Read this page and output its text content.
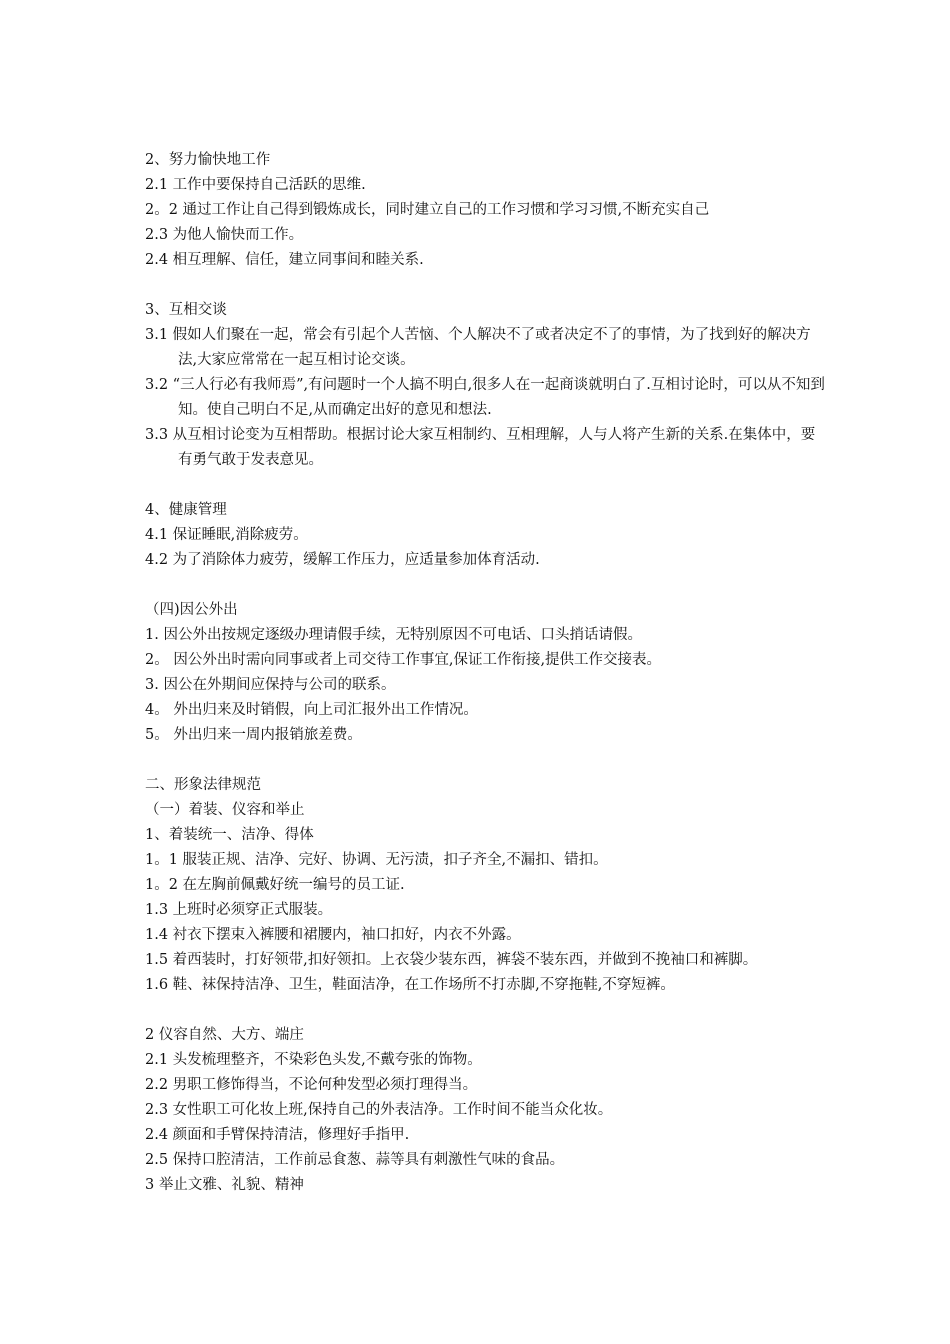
2、努力愉快地工作
2.1 工作中要保持自己活跃的思维.
2。2 通过工作让自己得到锻炼成长，同时建立自己的工作习惯和学习习惯,不断充实自己
2.3 为他人愉快而工作。
2.4 相互理解、信任，建立同事间和睦关系.
3、互相交谈
3.1 假如人们聚在一起，常会有引起个人苦恼、个人解决不了或者决定不了的事情，为了找到好的解决方法,大家应常常在一起互相讨论交谈。
3.2 “三人行必有我师焉”,有问题时一个人搞不明白,很多人在一起商谈就明白了.互相讨论时，可以从不知到知。使自己明白不足,从而确定出好的意见和想法.
3.3 从互相讨论变为互相帮助。根据讨论大家互相制约、互相理解，人与人将产生新的关系.在集体中，要有勇气敢于发表意见。
4、健康管理
4.1 保证睡眠,消除疲劳。
4.2 为了消除体力疲劳，缓解工作压力，应适量参加体育活动.
（四)因公外出
1. 因公外出按规定逐级办理请假手续，无特别原因不可电话、口头捎话请假。
2。 因公外出时需向同事或者上司交待工作事宜,保证工作衔接,提供工作交接表。
3. 因公在外期间应保持与公司的联系。
4。 外出归来及时销假，向上司汇报外出工作情况。
5。 外出归来一周内报销旅差费。
二、形象法律规范
（一）着装、仪容和举止
1、着装统一、洁净、得体
1。1 服装正规、洁净、完好、协调、无污渍，扣子齐全,不漏扣、错扣。
1。2 在左胸前佩戴好统一编号的员工证.
1.3 上班时必须穿正式服装。
1.4 衬衣下摆束入裤腰和裙腰内，袖口扣好，内衣不外露。
1.5 着西装时，打好领带,扣好领扣。上衣袋少装东西，裤袋不装东西，并做到不挽袖口和裤脚。
1.6 鞋、袜保持洁净、卫生，鞋面洁净，在工作场所不打赤脚,不穿拖鞋,不穿短裤。
2 仪容自然、大方、端庄
2.1 头发梳理整齐，不染彩色头发,不戴夸张的饰物。
2.2 男职工修饰得当，不论何种发型必须打理得当。
2.3 女性职工可化妆上班,保持自己的外表洁净。工作时间不能当众化妆。
2.4 颜面和手臂保持清洁，修理好手指甲.
2.5 保持口腔清洁，工作前忌食葱、蒜等具有刺激性气味的食品。
3 举止文雅、礼貌、精神
